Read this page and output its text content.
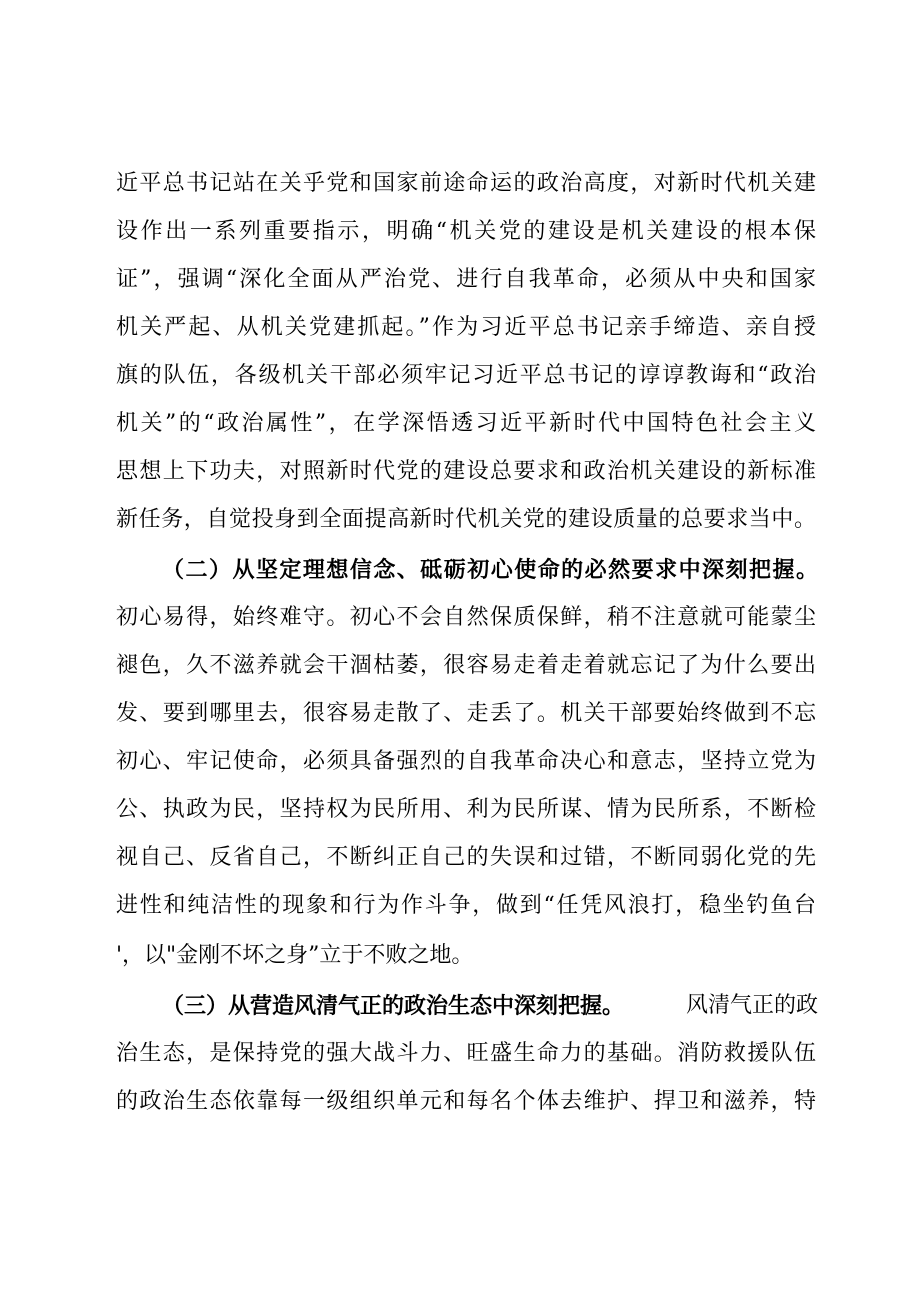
近平总书记站在关乎党和国家前途命运的政治高度，对新时代机关建
设作出一系列重要指示，明确“机关党的建设是机关建设的根本保
证”，强调“深化全面从严治党、进行自我革命，必须从中央和国家
机关严起、从机关党建抓起。”作为习近平总书记亲手缔造、亲自授
旗的队伍，各级机关干部必须牢记习近平总书记的谆谆教诲和“政治
机关”的“政治属性”，在学深悟透习近平新时代中国特色社会主义
思想上下功夫，对照新时代党的建设总要求和政治机关建设的新标准
新任务，自觉投身到全面提高新时代机关党的建设质量的总要求当中。
（二）从坚定理想信念、砥砺初心使命的必然要求中深刻把握。
初心易得，始终难守。初心不会自然保质保鲜，稍不注意就可能蒙尘
褪色，久不滋养就会干涸枯萎，很容易走着走着就忘记了为什么要出
发、要到哪里去，很容易走散了、走丢了。机关干部要始终做到不忘
初心、牢记使命，必须具备强烈的自我革命决心和意志，坚持立党为
公、执政为民，坚持权为民所用、利为民所谋、情为民所系，不断检
视自己、反省自己，不断纠正自己的失误和过错，不断同弱化党的先
进性和纯洁性的现象和行为作斗争，做到“任凭风浪打，稳坐钓鱼台
'，以"金刚不坏之身”立于不败之地。
（三）从营造风清气正的政治生态中深刻把握。	风清气正的政
治生态，是保持党的强大战斗力、旺盛生命力的基础。消防救援队伍
的政治生态依靠每一级组织单元和每名个体去维护、捍卫和滋养，特
